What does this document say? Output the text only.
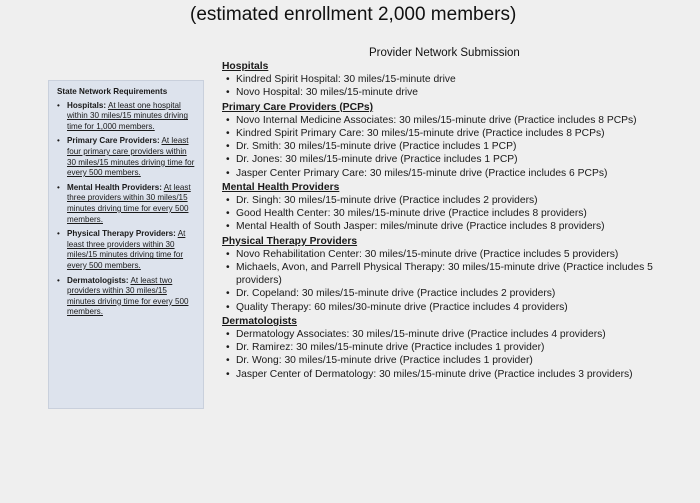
(estimated enrollment 2,000 members)
Provider Network Submission
State Network Requirements
• Hospitals: At least one hospital within 30 miles/15 minutes driving time for 1,000 members.
• Primary Care Providers: At least four primary care providers within 30 miles/15 minutes driving time for every 500 members.
• Mental Health Providers: At least three providers within 30 miles/15 minutes driving time for every 500 members.
• Physical Therapy Providers: At least three providers within 30 miles/15 minutes driving time for every 500 members.
• Dermatologists: At least two providers within 30 miles/15 minutes driving time for every 500 members.
Hospitals
• Kindred Spirit Hospital: 30 miles/15-minute drive
• Novo Hospital: 30 miles/15-minute drive
Primary Care Providers (PCPs)
• Novo Internal Medicine Associates: 30 miles/15-minute drive (Practice includes 8 PCPs)
• Kindred Spirit Primary Care: 30 miles/15-minute drive (Practice includes 8 PCPs)
• Dr. Smith: 30 miles/15-minute drive (Practice includes 1 PCP)
• Dr. Jones: 30 miles/15-minute drive (Practice includes 1 PCP)
• Jasper Center Primary Care: 30 miles/15-minute drive (Practice includes 6 PCPs)
Mental Health Providers
• Dr. Singh: 30 miles/15-minute drive (Practice includes 2 providers)
• Good Health Center: 30 miles/15-minute drive (Practice includes 8 providers)
• Mental Health of South Jasper: miles/minute drive (Practice includes 8 providers)
Physical Therapy Providers
• Novo Rehabilitation Center: 30 miles/15-minute drive (Practice includes 5 providers)
• Michaels, Avon, and Parrell Physical Therapy: 30 miles/15-minute drive (Practice includes 5 providers)
• Dr. Copeland: 30 miles/15-minute drive (Practice includes 2 providers)
• Quality Therapy: 60 miles/30-minute drive (Practice includes 4 providers)
Dermatologists
• Dermatology Associates: 30 miles/15-minute drive (Practice includes 4 providers)
• Dr. Ramirez: 30 miles/15-minute drive (Practice includes 1 provider)
• Dr. Wong: 30 miles/15-minute drive (Practice includes 1 provider)
• Jasper Center of Dermatology: 30 miles/15-minute drive (Practice includes 3 providers)
